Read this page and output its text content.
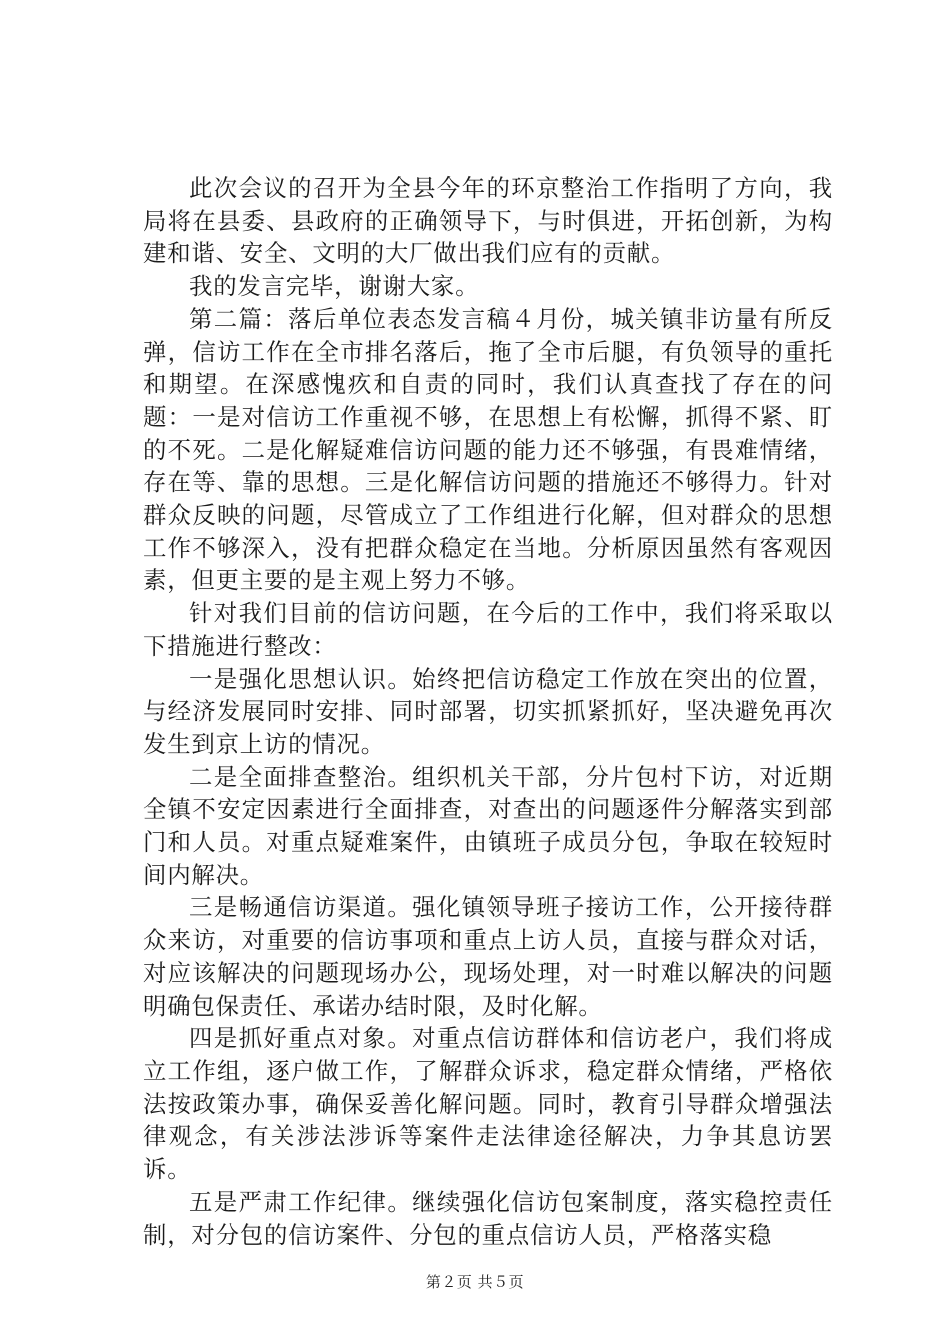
此次会议的召开为全县今年的环京整治工作指明了方向，我局将在县委、县政府的正确领导下，与时俱进，开拓创新，为构建和谐、安全、文明的大厂做出我们应有的贡献。

我的发言完毕，谢谢大家。

第二篇：落后单位表态发言稿４月份，城关镇非访量有所反弹，信访工作在全市排名落后，拖了全市后腿，有负领导的重托和期望。在深感愧疚和自责的同时，我们认真查找了存在的问题：一是对信访工作重视不够，在思想上有松懈，抓得不紧、盯的不死。二是化解疑难信访问题的能力还不够强，有畏难情绪，存在等、靠的思想。三是化解信访问题的措施还不够得力。针对群众反映的问题，尽管成立了工作组进行化解，但对群众的思想工作不够深入，没有把群众稳定在当地。分析原因虽然有客观因素，但更主要的是主观上努力不够。

针对我们目前的信访问题，在今后的工作中，我们将采取以下措施进行整改：

一是强化思想认识。始终把信访稳定工作放在突出的位置，与经济发展同时安排、同时部署，切实抓紧抓好，坚决避免再次发生到京上访的情况。

二是全面排查整治。组织机关干部，分片包村下访，对近期全镇不安定因素进行全面排查，对查出的问题逐件分解落实到部门和人员。对重点疑难案件，由镇班子成员分包，争取在较短时间内解决。

三是畅通信访渠道。强化镇领导班子接访工作，公开接待群众来访，对重要的信访事项和重点上访人员，直接与群众对话，对应该解决的问题现场办公，现场处理，对一时难以解决的问题明确包保责任、承诺办结时限，及时化解。

四是抓好重点对象。对重点信访群体和信访老户，我们将成立工作组，逐户做工作，了解群众诉求，稳定群众情绪，严格依法按政策办事，确保妥善化解问题。同时，教育引导群众增强法律观念，有关涉法涉诉等案件走法律途径解决，力争其息访罢诉。

五是严肃工作纪律。继续强化信访包案制度，落实稳控责任制，对分包的信访案件、分包的重点信访人员，严格落实稳

第２页 共５页
